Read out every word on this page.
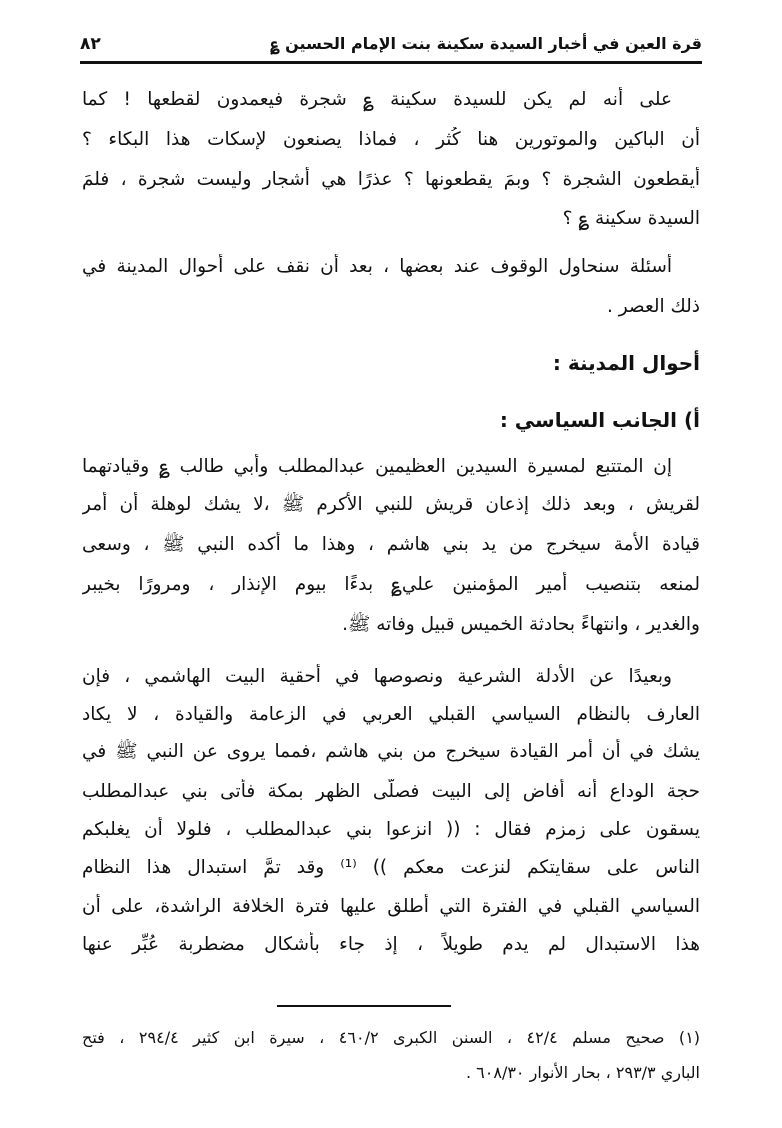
قرة العين في أخبار السيدة سكينة بنت الإمام الحسين ؏
٨٢
على أنه لم يكن للسيدة سكينة ؏ شجرة فيعمدون لقطعها ! كما
أن الباكين والموتورين هنا كُثر ، فماذا يصنعون لإسكات هذا البكاء ؟
أيقطعون الشجرة ؟ وبمَ يقطعونها ؟ عذرًا هي أشجار وليست شجرة ، فلمَ
السيدة سكينة ؏ ؟
أسئلة سنحاول الوقوف عند بعضها ، بعد أن نقف على أحوال المدينة في
ذلك العصر .
أحوال المدينة :
أ) الجانب السياسي :
إن المتتبع لمسيرة السيدين العظيمين عبدالمطلب وأبي طالب ؏ وقيادتهما
لقريش ، وبعد ذلك إذعان قريش للنبي الأكرم ﷺ ،لا يشك لوهلة أن أمر
قيادة الأمة سيخرج من يد بني هاشم ، وهذا ما أكده النبي ﷺ ، وسعى
لمنعه بتنصيب أمير المؤمنين علي؏ بدءًا بيوم الإنذار ، ومرورًا بخيبر
والغدير ، وانتهاءً بحادثة الخميس قبيل وفاته ﷺ.
وبعيدًا عن الأدلة الشرعية ونصوصها في أحقية البيت الهاشمي ، فإن
العارف بالنظام السياسي القبلي العربي في الزعامة والقيادة ، لا يكاد
يشك في أن أمر القيادة سيخرج من بني هاشم ،فمما يروى عن النبي ﷺ في
حجة الوداع أنه أفاض إلى البيت فصلَّى الظهر بمكة فأتى بني عبدالمطلب
يسقون على زمزم فقال : (( انزعوا بني عبدالمطلب ، فلولا أن يغلبكم
الناس على سقايتكم لنزعت معكم )) ⁽¹⁾ وقد تمَّ استبدال هذا النظام
السياسي القبلي في الفترة التي أُطلق عليها فترة الخلافة الراشدة، على أن
هذا الاستبدال لم يدم طويلاً ، إذ جاء بأشكال مضطربة عُبِّر عنها
(١) صحيح مسلم ٤٢/٤ ، السنن الكبرى ٤٦٠/٢ ، سيرة ابن كثير ٢٩٤/٤ ، فتح
الباري ٢٩٣/٣ ، بحار الأنوار ٦٠٨/٣٠ .
